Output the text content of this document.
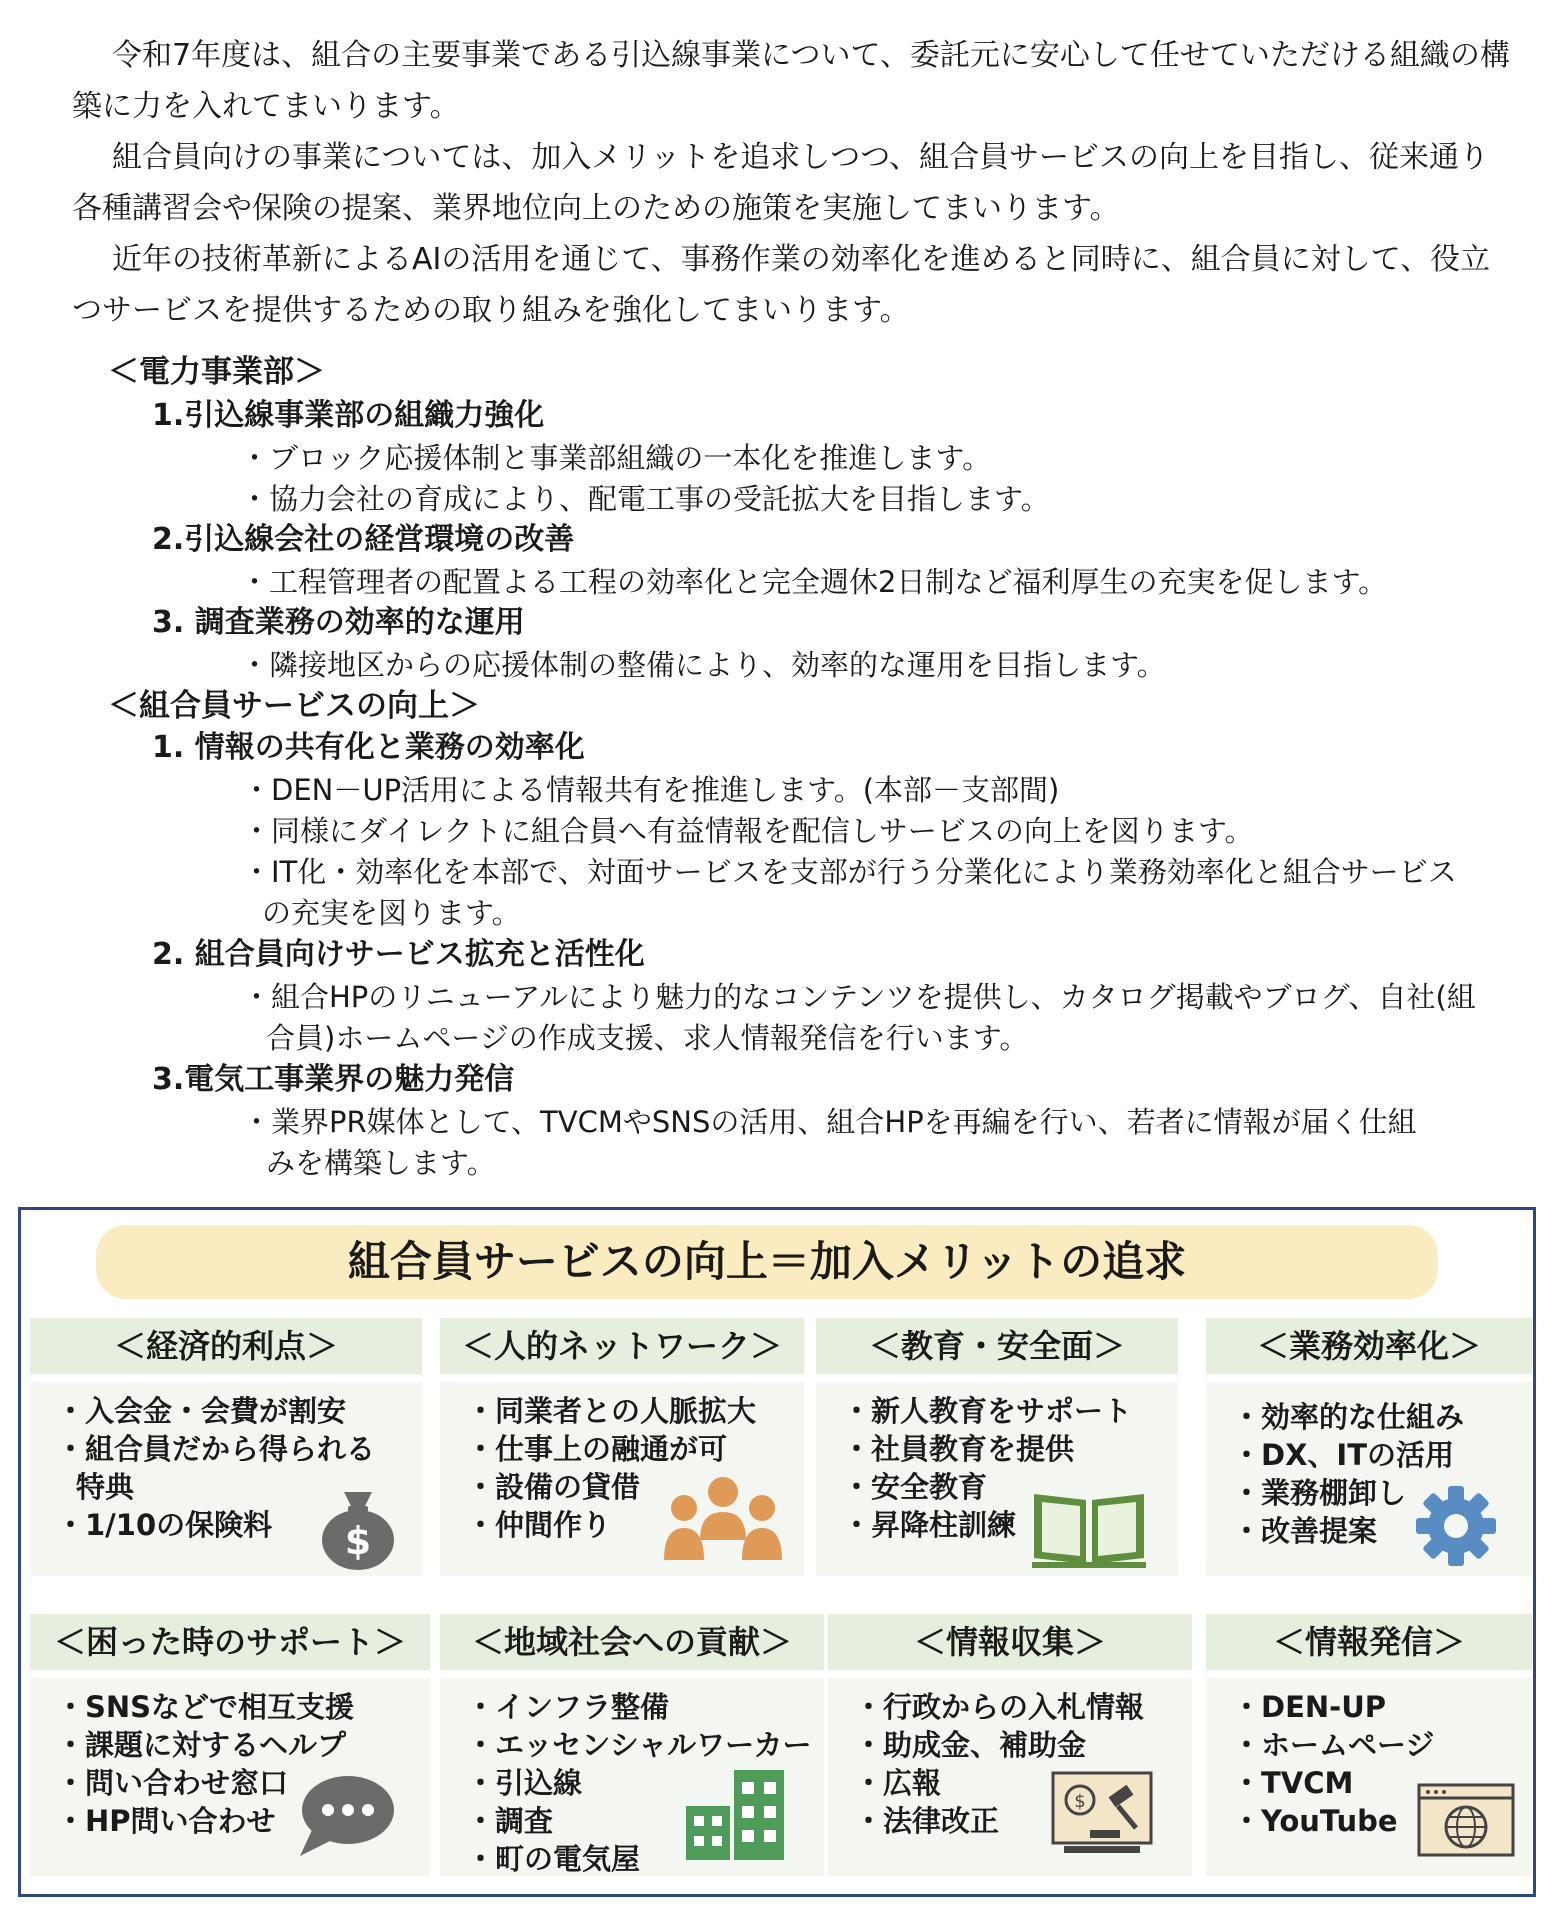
令和7年度は、組合の主要事業である引込線事業について、委託元に安心して任せていただける組織の構築に力を入れてまいります。

組合員向けの事業については、加入メリットを追求しつつ、組合員サービスの向上を目指し、従来通り各種講習会や保険の提案、業界地位向上のための施策を実施してまいります。

近年の技術革新によるAIの活用を通じて、事務作業の効率化を進めると同時に、組合員に対して、役立つサービスを提供するための取り組みを強化してまいります。

＜電力事業部＞
1.引込線事業部の組織力強化
・ブロック応援体制と事業部組織の一本化を推進します。
・協力会社の育成により、配電工事の受託拡大を目指します。
2.引込線会社の経営環境の改善
・工程管理者の配置よる工程の効率化と完全週休2日制など福利厚生の充実を促します。
3. 調査業務の効率的な運用
・隣接地区からの応援体制の整備により、効率的な運用を目指します。
＜組合員サービスの向上＞
1. 情報の共有化と業務の効率化
・DEN－UP活用による情報共有を推進します。(本部－支部間)
・同様にダイレクトに組合員へ有益情報を配信しサービスの向上を図ります。
・IT化・効率化を本部で、対面サービスを支部が行う分業化により業務効率化と組合サービス
の充実を図ります。
2. 組合員向けサービス拡充と活性化
・組合HPのリニューアルにより魅力的なコンテンツを提供し、カタログ掲載やブログ、自社(組
合員)ホームページの作成支援、求人情報発信を行います。
3.電気工事業界の魅力発信
・業界PR媒体として、TVCMやSNSの活用、組合HPを再編を行い、若者に情報が届く仕組
みを構築します。
組合員サービスの向上＝加入メリットの追求
＜経済的利点＞
・入会金・会費が割安
・組合員だから得られる
特典
・1/10の保険料	$
＜人的ネットワーク＞
・同業者との人脈拡大
・仕事上の融通が可
・設備の貸借
・仲間作り
＜教育・安全面＞
・新人教育をサポート
・社員教育を提供
・安全教育
・昇降柱訓練
＜業務効率化＞
・効率的な仕組み
・DX、ITの活用
・業務棚卸し
・改善提案
＜困った時のサポート＞
・SNSなどで相互支援
・課題に対するヘルプ
・問い合わせ窓口
・HP問い合わせ
＜地域社会への貢献＞
・インフラ整備
・エッセンシャルワーカー
・引込線
・調査
・町の電気屋
＜情報収集＞
・行政からの入札情報
・助成金、補助金
・広報
・法律改正
$
＜情報発信＞
・DEN-UP
・ホームページ
・TVCM
・YouTube
